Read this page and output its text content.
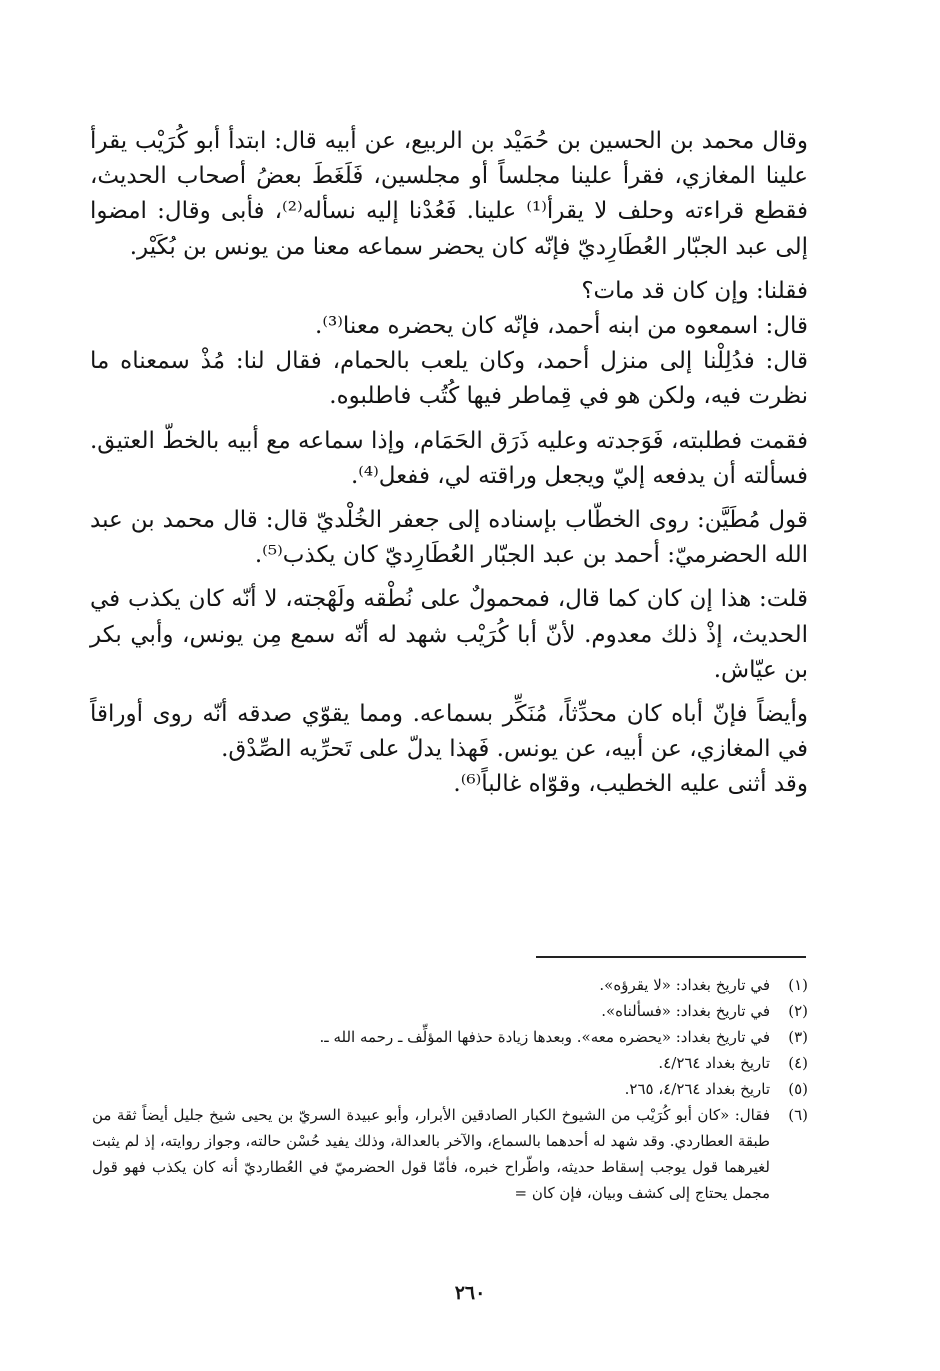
وقال محمد بن الحسين بن حُمَيْد بن الربيع، عن أبيه قال: ابتدأ أبو كُرَيْب يقرأ علينا المغازي، فقرأ علينا مجلساً أو مجلسين، فَلَغَطَ بعضُ أصحاب الحديث، فقطع قراءته وحلف لا يقرأ⁽¹⁾ علينا. فَعُدْنا إليه نسأله⁽²⁾، فأبى وقال: امضوا إلى عبد الجبّار العُطَارِديّ فإنّه كان يحضر سماعه معنا من يونس بن بُكَيْر.

فقلنا: وإن كان قد مات؟

قال: اسمعوه من ابنه أحمد، فإنّه كان يحضره معنا⁽³⁾.

قال: فدُلِلْنا إلى منزل أحمد، وكان يلعب بالحمام، فقال لنا: مُذْ سمعناه ما نظرت فيه، ولكن هو في قِماطر فيها كُتُب فاطلبوه.

فقمت فطلبته، فَوَجدته وعليه ذَرَق الحَمَام، وإذا سماعه مع أبيه بالخطّ العتيق. فسألته أن يدفعه إليّ ويجعل وراقته لي، ففعل⁽⁴⁾.

قول مُطَيَّن: روى الخطّاب بإسناده إلى جعفر الخُلْديّ قال: قال محمد بن عبد الله الحضرميّ: أحمد بن عبد الجبّار العُطَارِديّ كان يكذب⁽⁵⁾.

قلت: هذا إن كان كما قال، فمحمولٌ على نُطْقه ولَهْجته، لا أنّه كان يكذب في الحديث، إذْ ذلك معدوم. لأنّ أبا كُرَيْب شهد له أنّه سمع مِن يونس، وأبي بكر بن عيّاش.

وأيضاً فإنّ أباه كان محدِّثاً، مُنَكِّر بسماعه. ومما يقوّي صدقه أنّه روى أوراقاً في المغازي، عن أبيه، عن يونس. فَهذا يدلّ على تَحرِّيه الصِّدْق.

وقد أثنى عليه الخطيب، وقوّاه غالباً⁽⁶⁾.

(١)
في تاريخ بغداد: «لا يقرؤه».
(٢)
في تاريخ بغداد: «فسألناه».
(٣)
في تاريخ بغداد: «يحضره معه». وبعدها زيادة حذفها المؤلِّف ـ رحمه الله ـ.
(٤)
تاريخ بغداد ٤/٢٦٤.
(٥)
تاريخ بغداد ٤/٢٦٤، ٢٦٥.
(٦)
فقال: «كان أبو كُرَيْب من الشيوخ الكبار الصادقين الأبرار، وأبو عبيدة السريّ بن يحيى شيخ جليل أيضاً ثقة من طبقة العطاردي. وقد شهد له أحدهما بالسماع، والآخر بالعدالة، وذلك يفيد حُسْن حالته، وجواز روايته، إذ لم يثبت لغيرهما قول يوجب إسقاط حديثه، واطّراح خبره، فأمّا قول الحضرميّ في العُطارديّ أنه كان يكذب فهو قول مجمل يحتاج إلى كشف وبيان، فإن كان =
٢٦٠
